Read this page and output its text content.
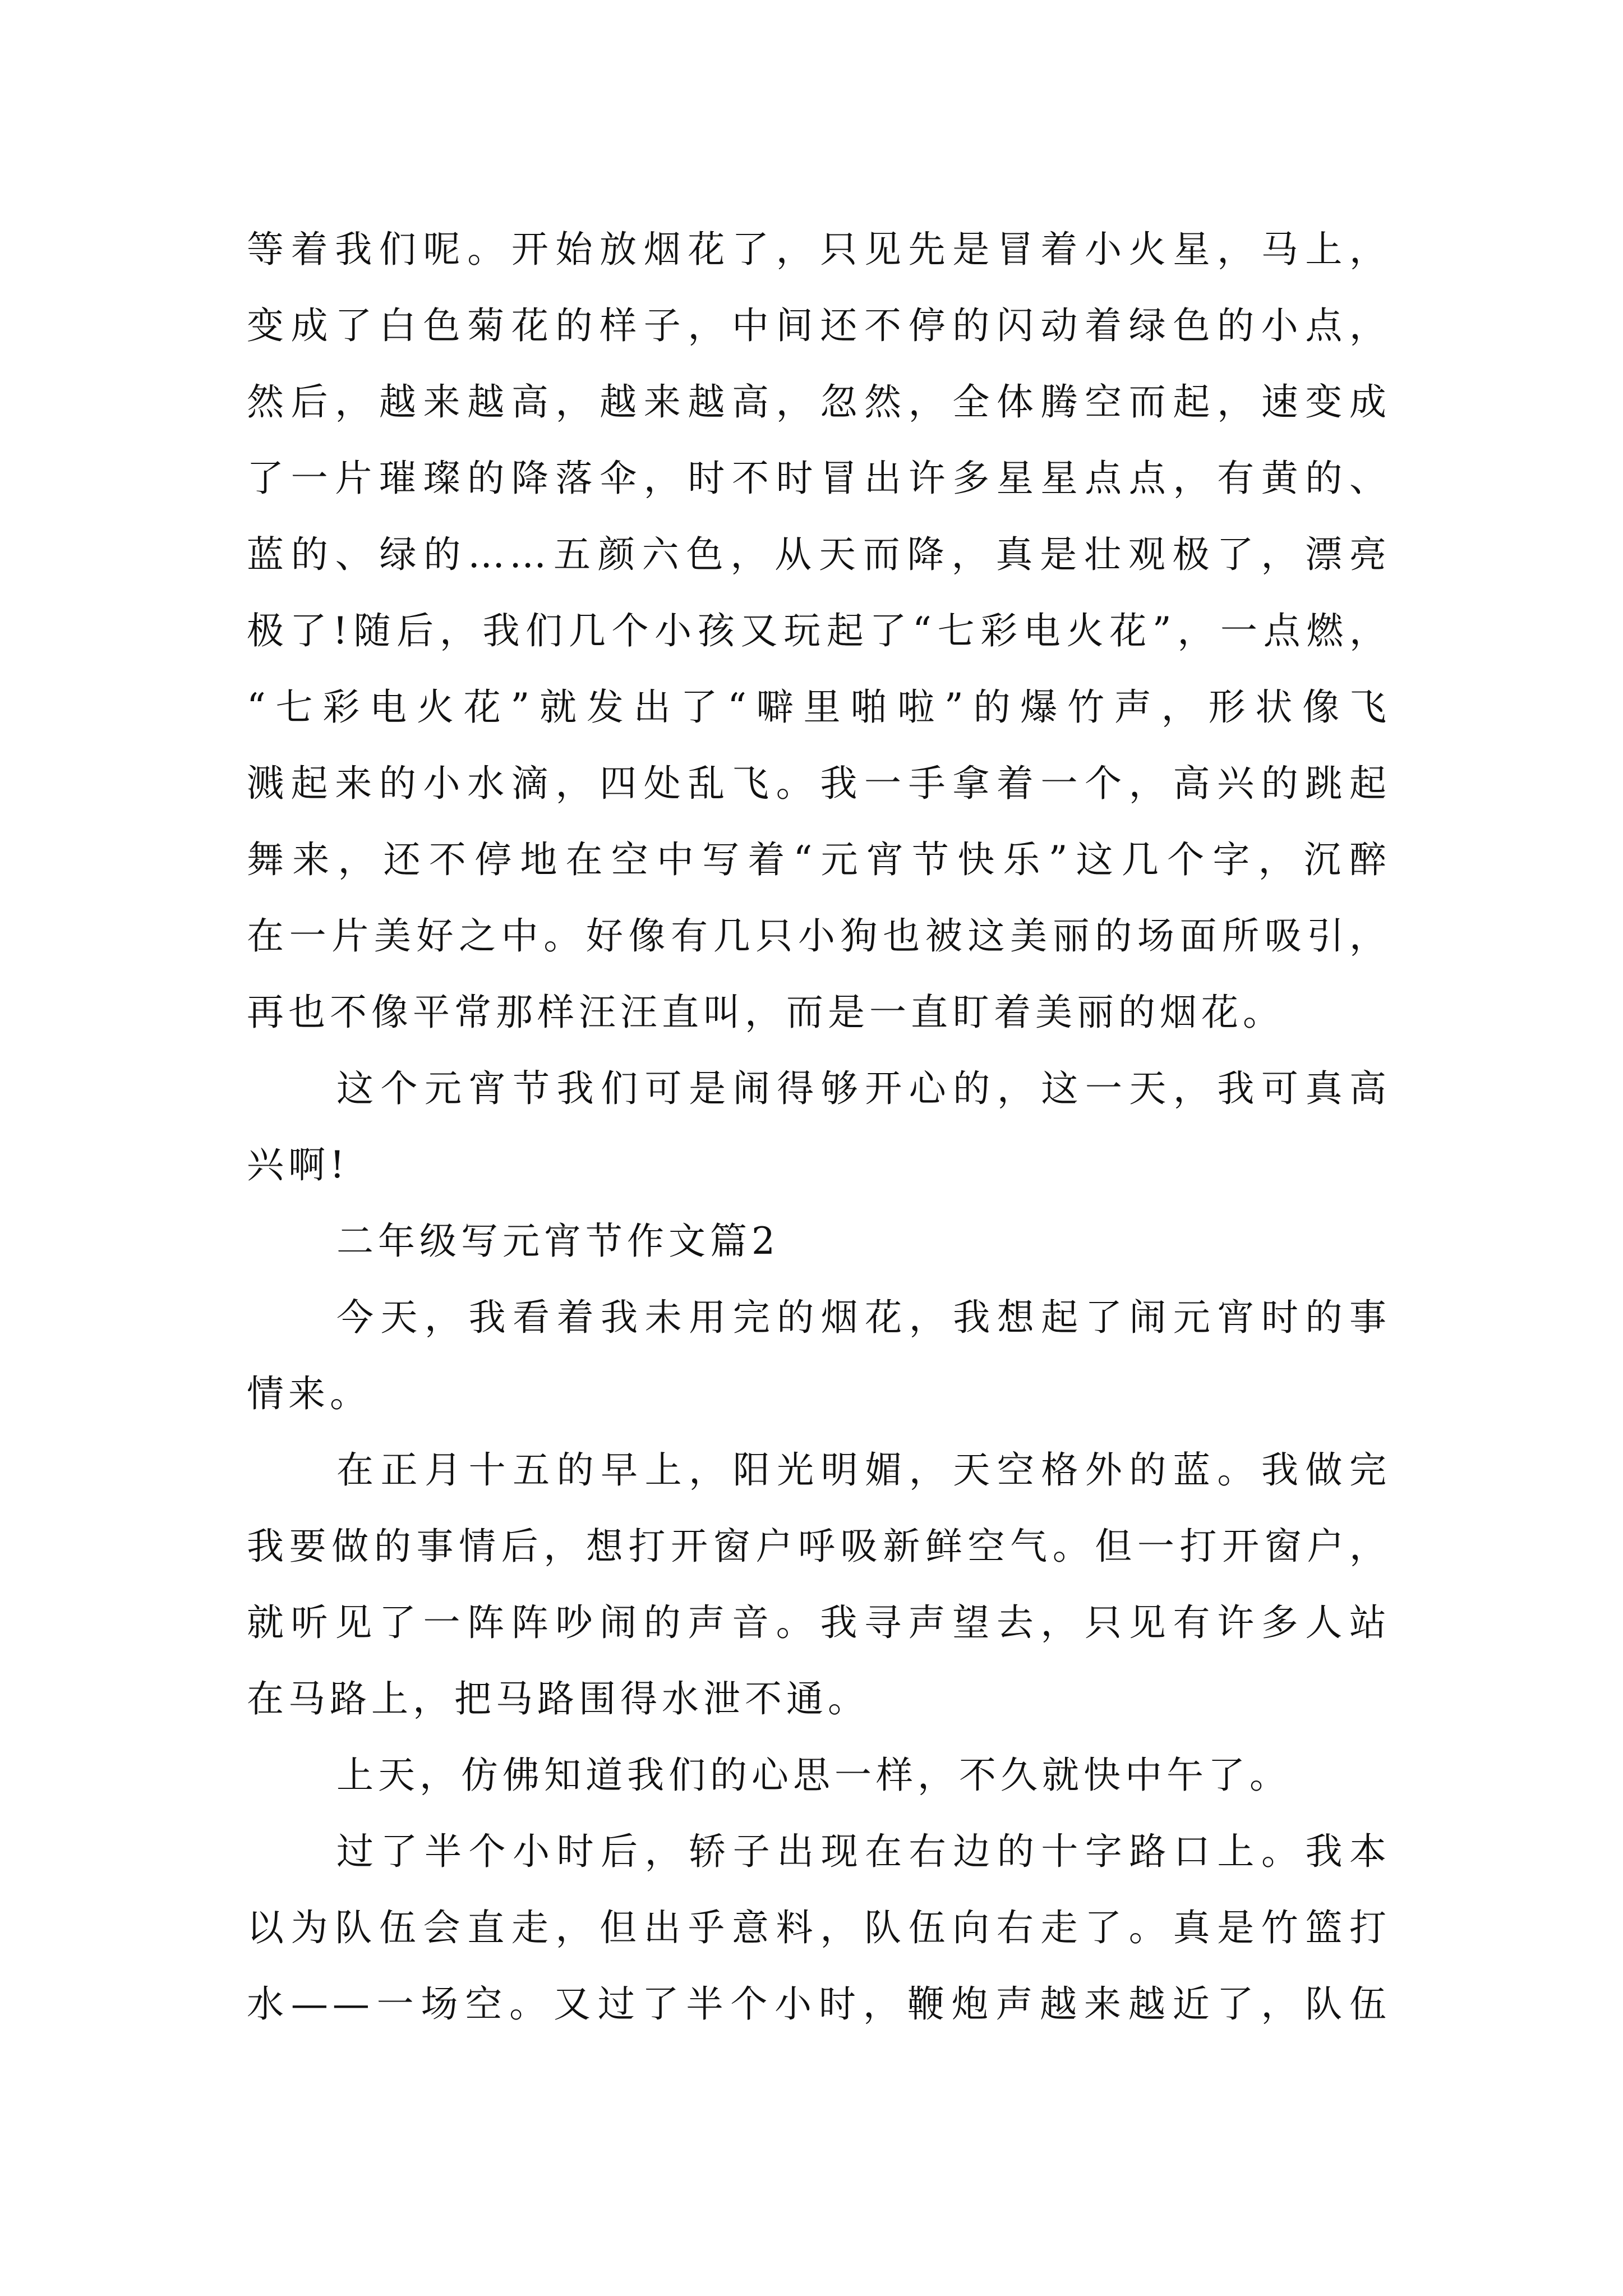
等着我们呢。开始放烟花了，只见先是冒着小火星，马上，
变成了白色菊花的样子，中间还不停的闪动着绿色的小点，
然后，越来越高，越来越高，忽然，全体腾空而起，速变成
了一片璀璨的降落伞，时不时冒出许多星星点点，有黄的、
蓝的、绿的……五颜六色，从天而降，真是壮观极了，漂亮
极了!随后，我们几个小孩又玩起了“七彩电火花”，一点燃，
“七彩电火花”就发出了“噼里啪啦”的爆竹声，形状像飞
溅起来的小水滴，四处乱飞。我一手拿着一个，高兴的跳起
舞来，还不停地在空中写着“元宵节快乐”这几个字，沉醉
在一片美好之中。好像有几只小狗也被这美丽的场面所吸引，
再也不像平常那样汪汪直叫，而是一直盯着美丽的烟花。
这个元宵节我们可是闹得够开心的，这一天，我可真高
兴啊!
二年级写元宵节作文篇2
今天，我看着我未用完的烟花，我想起了闹元宵时的事
情来。
在正月十五的早上，阳光明媚，天空格外的蓝。我做完
我要做的事情后，想打开窗户呼吸新鲜空气。但一打开窗户，
就听见了一阵阵吵闹的声音。我寻声望去，只见有许多人站
在马路上，把马路围得水泄不通。
上天，仿佛知道我们的心思一样，不久就快中午了。
过了半个小时后，轿子出现在右边的十字路口上。我本
以为队伍会直走，但出乎意料，队伍向右走了。真是竹篮打
水——一场空。又过了半个小时，鞭炮声越来越近了，队伍
